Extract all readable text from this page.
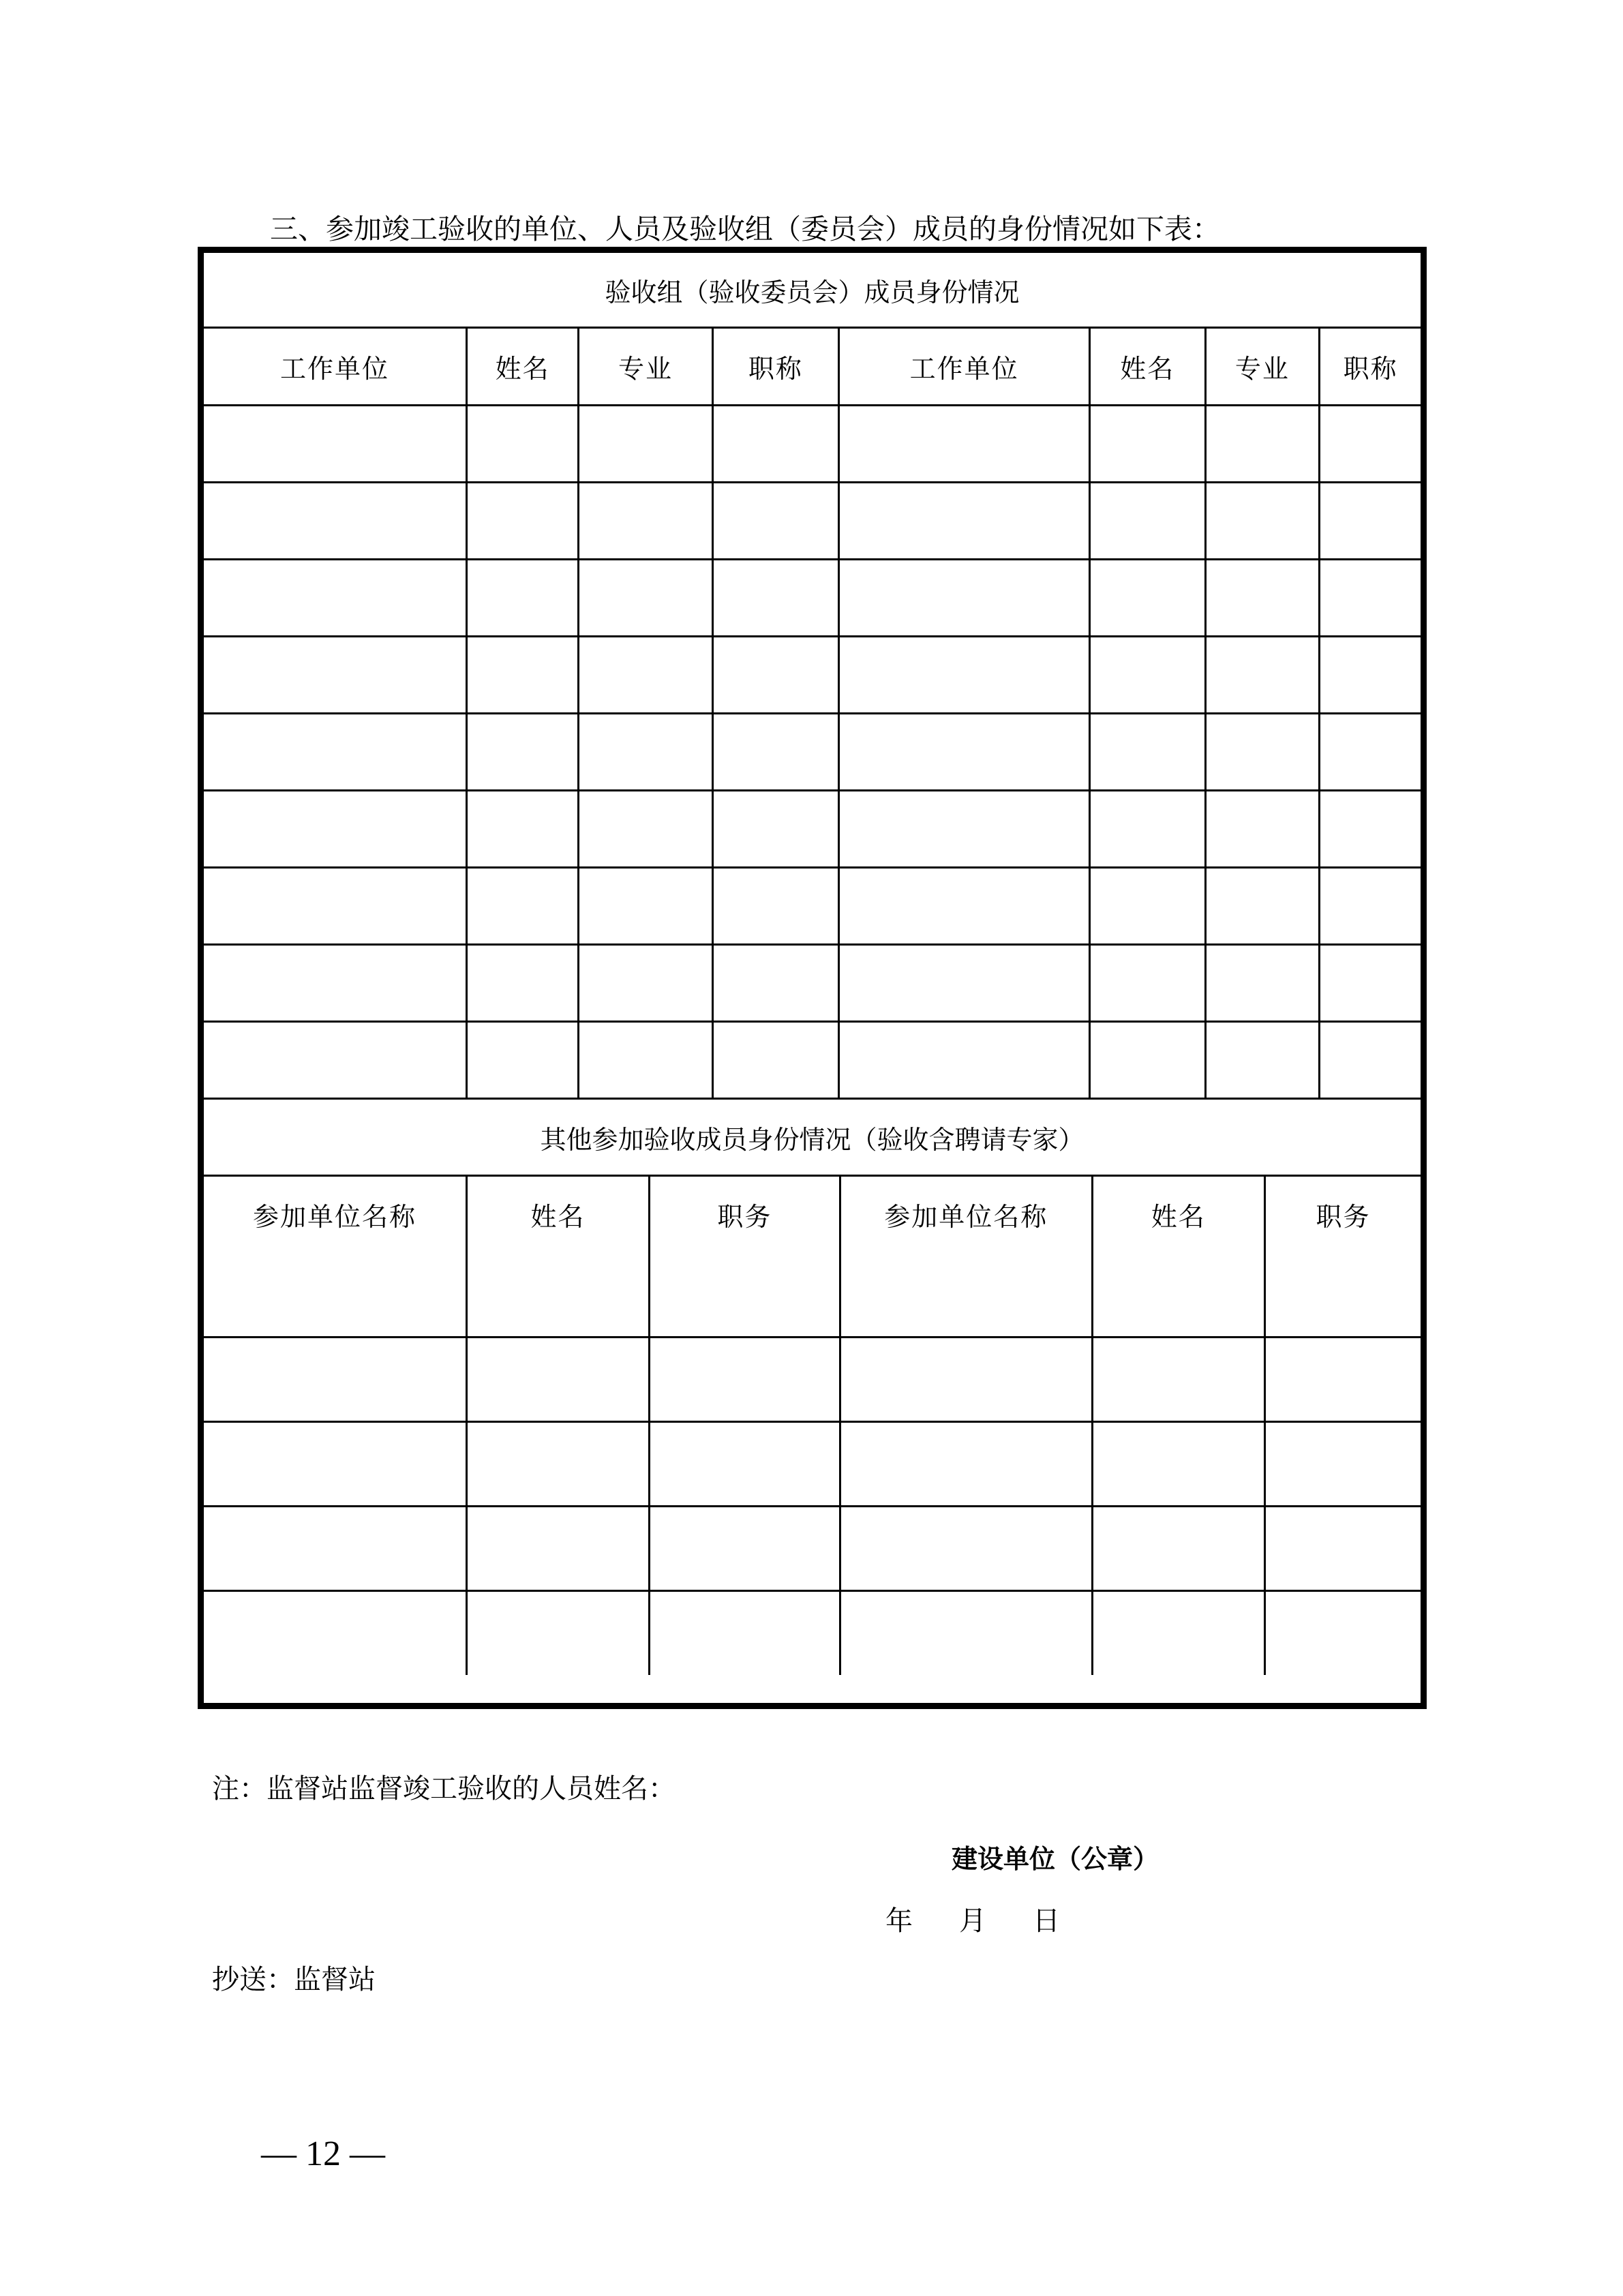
三、参加竣工验收的单位、人员及验收组（委员会）成员的身份情况如下表：
验收组（验收委员会）成员身份情况							
工作单位	姓名	专业	职称	工作单位	姓名	专业	职称

其他参加验收成员身份情况（验收含聘请专家）					
参加单位名称	姓名	职务	参加单位名称	姓名	职务

注：监督站监督竣工验收的人员姓名：
建设单位（公章）
年 月 日
抄送：监督站
— 12 —
